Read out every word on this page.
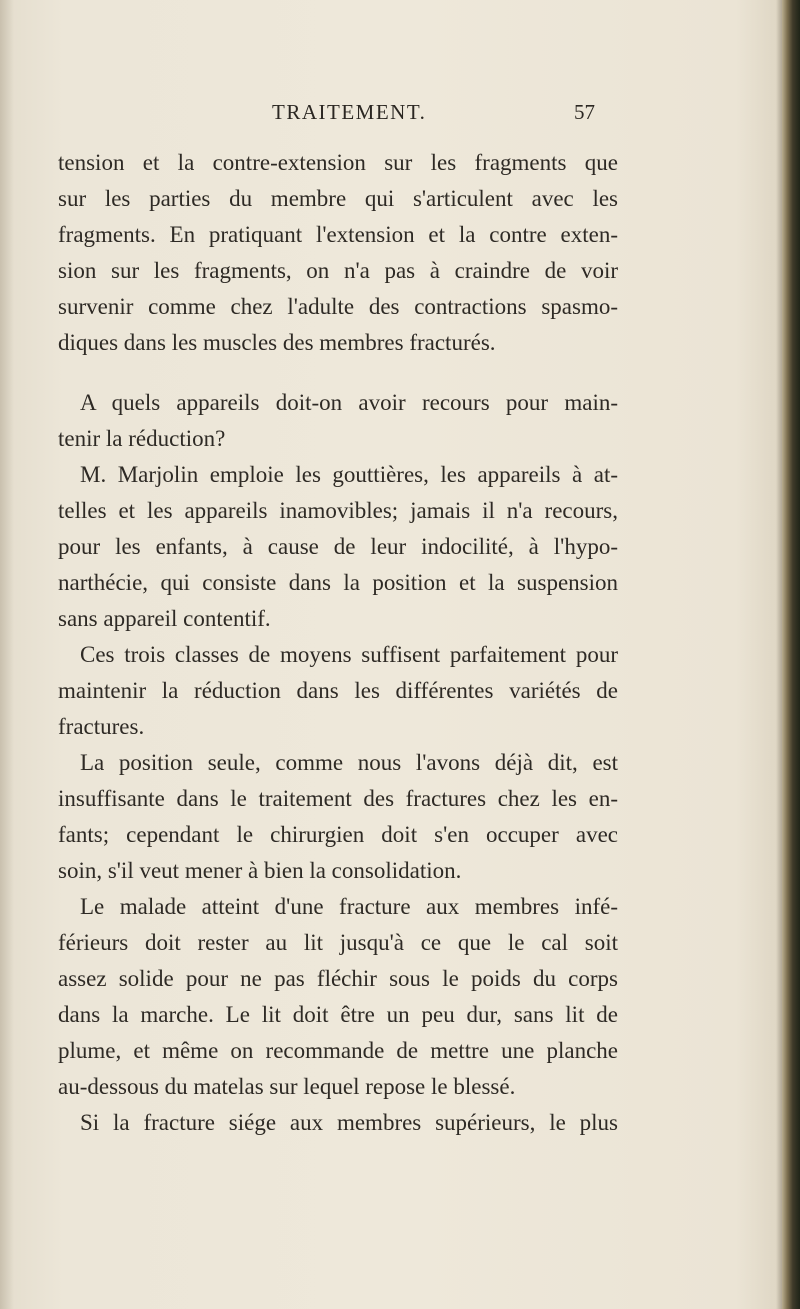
TRAITEMENT.	57
tension et la contre-extension sur les fragments que
sur les parties du membre qui s'articulent avec les
fragments. En pratiquant l'extension et la contre exten-
sion sur les fragments, on n'a pas à craindre de voir
survenir comme chez l'adulte des contractions spasmo-
diques dans les muscles des membres fracturés.
A quels appareils doit-on avoir recours pour main-
tenir la réduction?
M. Marjolin emploie les gouttières, les appareils à at-
telles et les appareils inamovibles; jamais il n'a recours,
pour les enfants, à cause de leur indocilité, à l'hypo-
narthécie, qui consiste dans la position et la suspension
sans appareil contentif.
Ces trois classes de moyens suffisent parfaitement pour
maintenir la réduction dans les différentes variétés de
fractures.
La position seule, comme nous l'avons déjà dit, est
insuffisante dans le traitement des fractures chez les en-
fants; cependant le chirurgien doit s'en occuper avec
soin, s'il veut mener à bien la consolidation.
Le malade atteint d'une fracture aux membres infé-
férieurs doit rester au lit jusqu'à ce que le cal soit
assez solide pour ne pas fléchir sous le poids du corps
dans la marche. Le lit doit être un peu dur, sans lit de
plume, et même on recommande de mettre une planche
au-dessous du matelas sur lequel repose le blessé.
Si la fracture siége aux membres supérieurs, le plus
